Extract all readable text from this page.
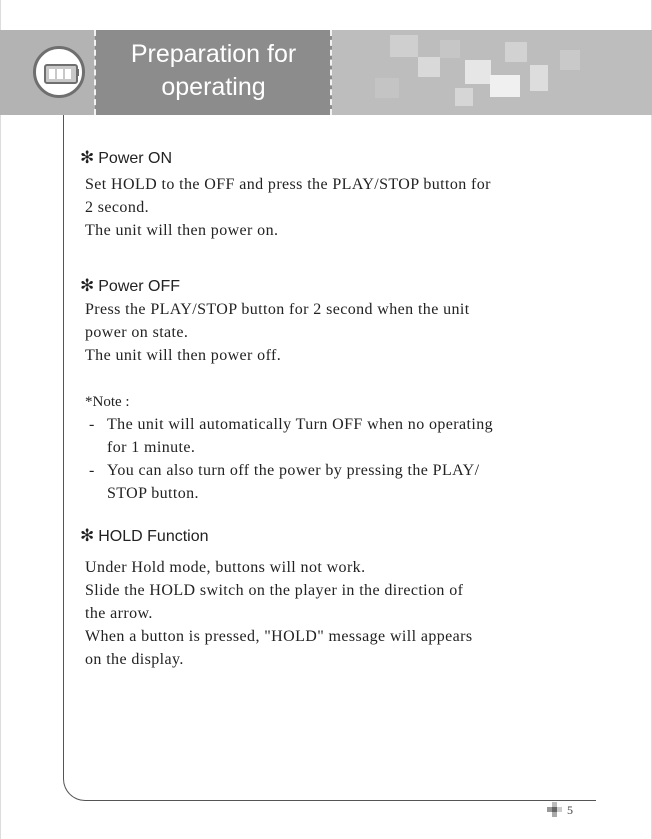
Preparation for
operating
✻ Power ON
Set HOLD to the OFF and press the PLAY/STOP button for
2 second.
The unit will then power on.
✻ Power OFF
Press the PLAY/STOP button for 2 second when the unit
power on state.
The unit will then power off.
*Note :
- The unit will automatically Turn OFF when no operating
for 1 minute.
- You can also turn off the power by pressing the PLAY/
STOP button.
✻ HOLD Function
Under Hold mode, buttons will not work.
Slide the HOLD switch on the player in the direction of
the arrow.
When a button is pressed, "HOLD" message will appears
on the display.
5
